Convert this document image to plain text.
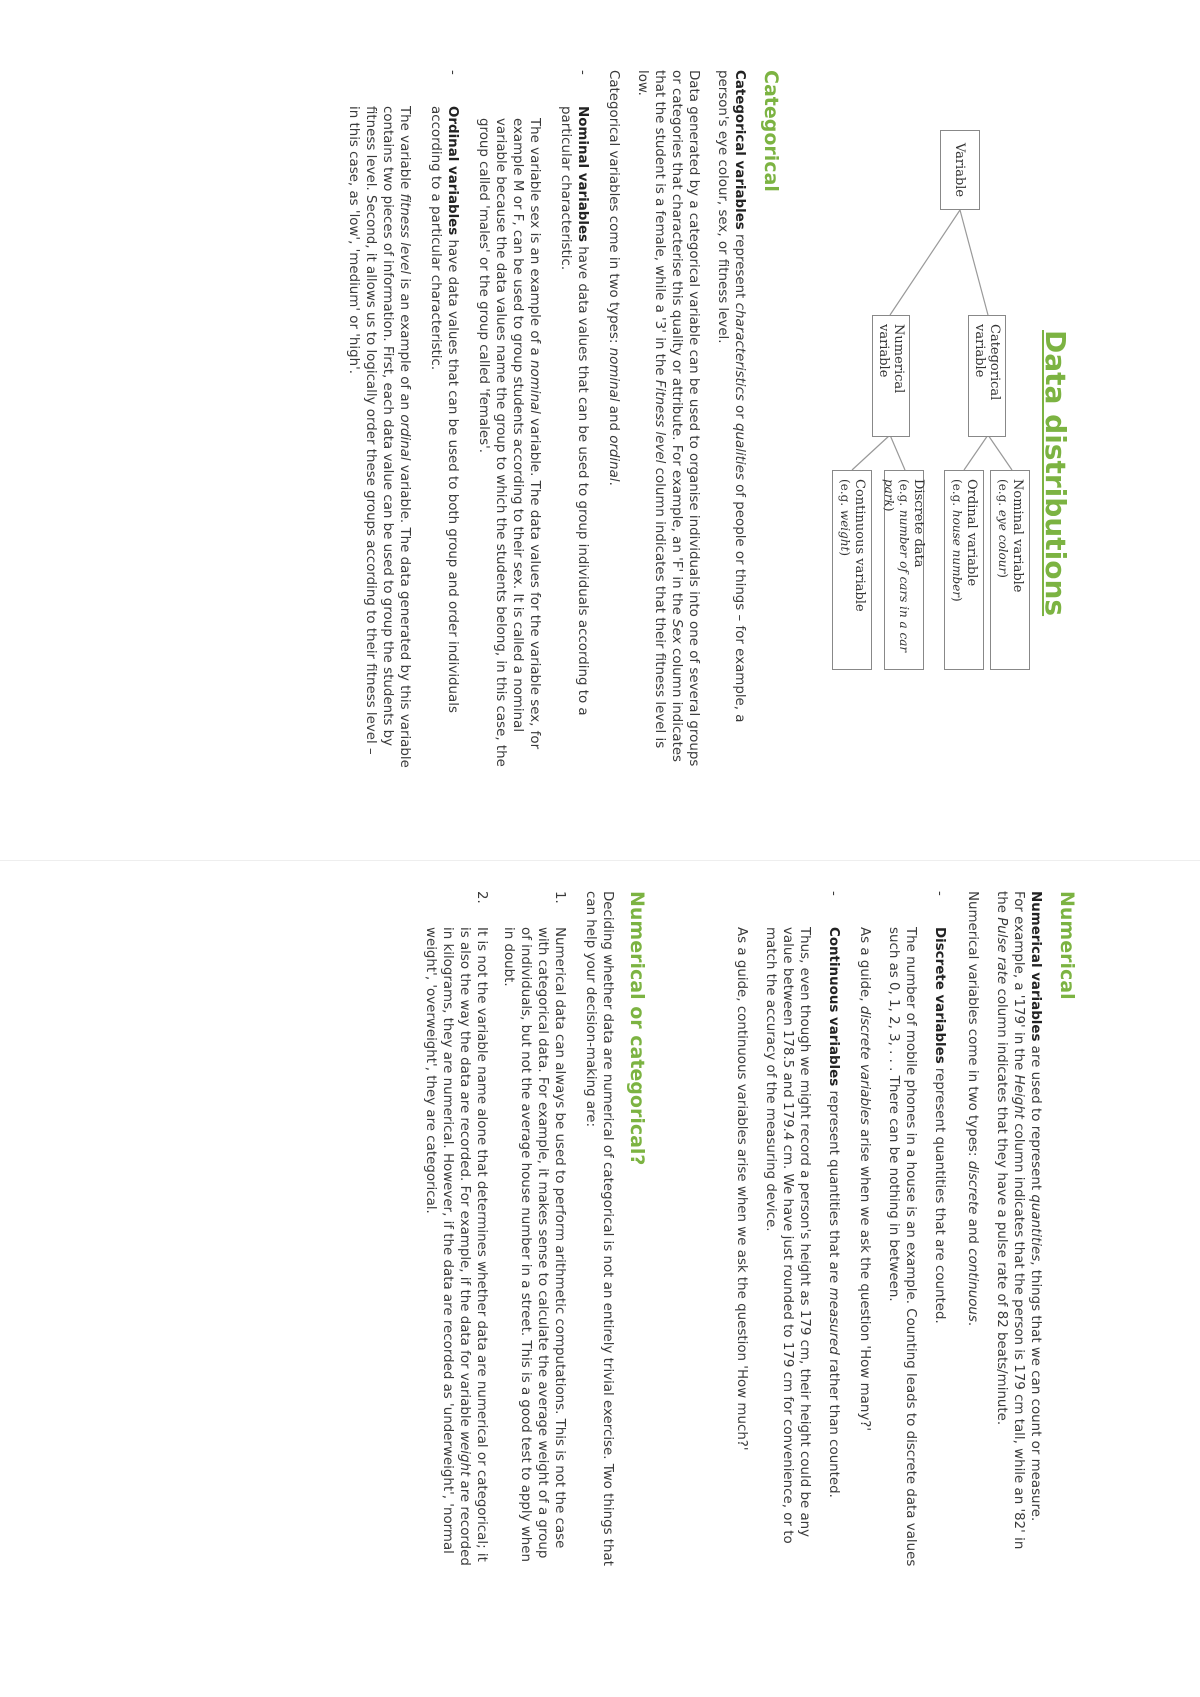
Data distributions
Variable
Categorical variable
Numerical variable
Nominal variable
(e.g. eye colour)
Ordinal variable
(e.g. house number)
Discrete data
(e.g. number of cars in a car park)
Continuous variable
(e.g. weight)
Categorical

Categorical variables represent characteristics or qualities of people or things – for example, a person's eye colour, sex, or fitness level.

Data generated by a categorical variable can be used to organise individuals into one of several groups or categories that characterise this quality or attribute. For example, an 'F' in the Sex column indicates that the student is a female, while a '3' in the Fitness level column indicates that their fitness level is low.

Categorical variables come in two types: nominal and ordinal.

- Nominal variables have data values that can be used to group individuals according to a particular characteristic.

The variable sex is an example of a nominal variable. The data values for the variable sex, for example M or F, can be used to group students according to their sex. It is called a nominal variable because the data values name the group to which the students belong, in this case, the group called 'males' or the group called 'females'.

- Ordinal variables have data values that can be used to both group and order individuals according to a particular characteristic.

The variable fitness level is an example of an ordinal variable. The data generated by this variable contains two pieces of information. First, each data value can be used to group the students by fitness level. Second, it allows us to logically order these groups according to their fitness level – in this case, as 'low', 'medium' or 'high'.

Numerical

Numerical variables are used to represent quantities, things that we can count or measure.

For example, a '179' in the Height column indicates that the person is 179 cm tall, while an '82' in the Pulse rate column indicates that they have a pulse rate of 82 beats/minute.

Numerical variables come in two types: discrete and continuous.

- Discrete variables represent quantities that are counted.

The number of mobile phones in a house is an example. Counting leads to discrete data values such as 0, 1, 2, 3, . . . There can be nothing in between.

As a guide, discrete variables arise when we ask the question 'How many?'

- Continuous variables represent quantities that are measured rather than counted.

Thus, even though we might record a person's height as 179 cm, their height could be any value between 178.5 and 179.4 cm. We have just rounded to 179 cm for convenience, or to match the accuracy of the measuring device.

As a guide, continuous variables arise when we ask the question 'How much?'

Numerical or categorical?

Deciding whether data are numerical of categorical is not an entirely trivial exercise. Two things that can help your decision-making are:

1.
Numerical data can always be used to perform arithmetic computations. This is not the case with categorical data. For example, it makes sense to calculate the average weight of a group of individuals, but not the average house number in a street. This is a good test to apply when in doubt.
2.
It is not the variable name alone that determines whether data are numerical or categorical; it is also the way the data are recorded. For example, if the data for variable weight are recorded in kilograms, they are numerical. However, if the data are recorded as 'underweight', 'normal weight', 'overweight', they are categorical.
